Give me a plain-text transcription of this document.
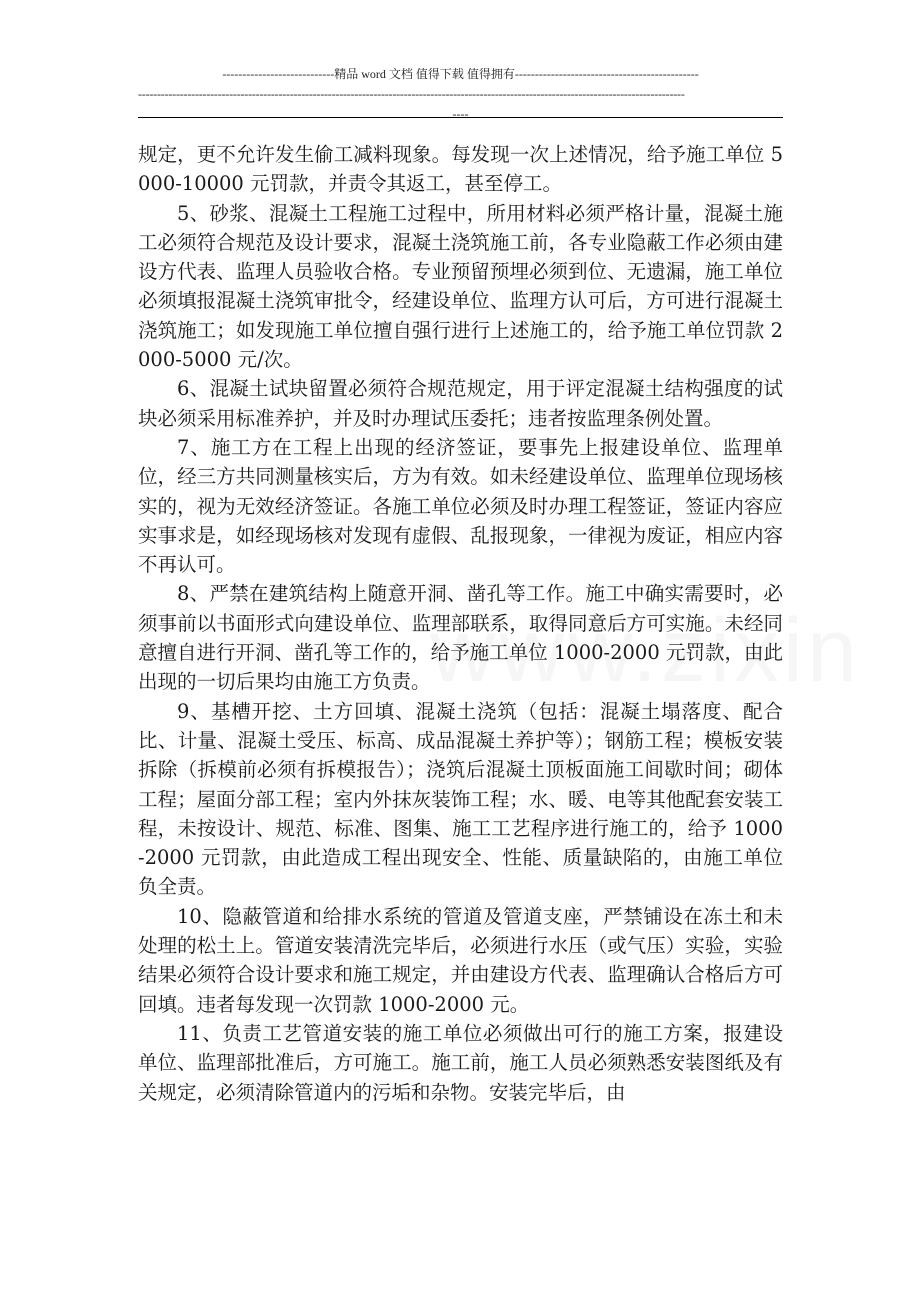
----------------------------精品 word 文档 值得下载 值得拥有----------------------------------------------
------------------------------------------------------------------------------------------------------------------------------------------------
----

规定，更不允许发生偷工减料现象。每发现一次上述情况，给予施工单位 5000-10000 元罚款，并责令其返工，甚至停工。

5、砂浆、混凝土工程施工过程中，所用材料必须严格计量，混凝土施工必须符合规范及设计要求，混凝土浇筑施工前，各专业隐蔽工作必须由建设方代表、监理人员验收合格。专业预留预埋必须到位、无遗漏，施工单位必须填报混凝土浇筑审批令，经建设单位、监理方认可后，方可进行混凝土浇筑施工；如发现施工单位擅自强行进行上述施工的，给予施工单位罚款 2000-5000 元/次。

6、混凝土试块留置必须符合规范规定，用于评定混凝土结构强度的试块必须采用标准养护，并及时办理试压委托；违者按监理条例处置。

7、施工方在工程上出现的经济签证，要事先上报建设单位、监理单位，经三方共同测量核实后，方为有效。如未经建设单位、监理单位现场核实的，视为无效经济签证。各施工单位必须及时办理工程签证，签证内容应实事求是，如经现场核对发现有虚假、乱报现象，一律视为废证，相应内容不再认可。

8、严禁在建筑结构上随意开洞、凿孔等工作。施工中确实需要时，必须事前以书面形式向建设单位、监理部联系，取得同意后方可实施。未经同意擅自进行开洞、凿孔等工作的，给予施工单位 1000-2000 元罚款，由此出现的一切后果均由施工方负责。

9、基槽开挖、土方回填、混凝土浇筑（包括：混凝土塌落度、配合比、计量、混凝土受压、标高、成品混凝土养护等）；钢筋工程；模板安装拆除（拆模前必须有拆模报告）；浇筑后混凝土顶板面施工间歇时间；砌体工程；屋面分部工程；室内外抹灰装饰工程；水、暖、电等其他配套安装工程，未按设计、规范、标准、图集、施工工艺程序进行施工的，给予 1000-2000 元罚款，由此造成工程出现安全、性能、质量缺陷的，由施工单位负全责。

10、隐蔽管道和给排水系统的管道及管道支座，严禁铺设在冻土和未处理的松土上。管道安装清洗完毕后，必须进行水压（或气压）实验，实验结果必须符合设计要求和施工规定，并由建设方代表、监理确认合格后方可回填。违者每发现一次罚款 1000-2000 元。

11、负责工艺管道安装的施工单位必须做出可行的施工方案，报建设单位、监理部批准后，方可施工。施工前，施工人员必须熟悉安装图纸及有关规定，必须清除管道内的污垢和杂物。安装完毕后，由
